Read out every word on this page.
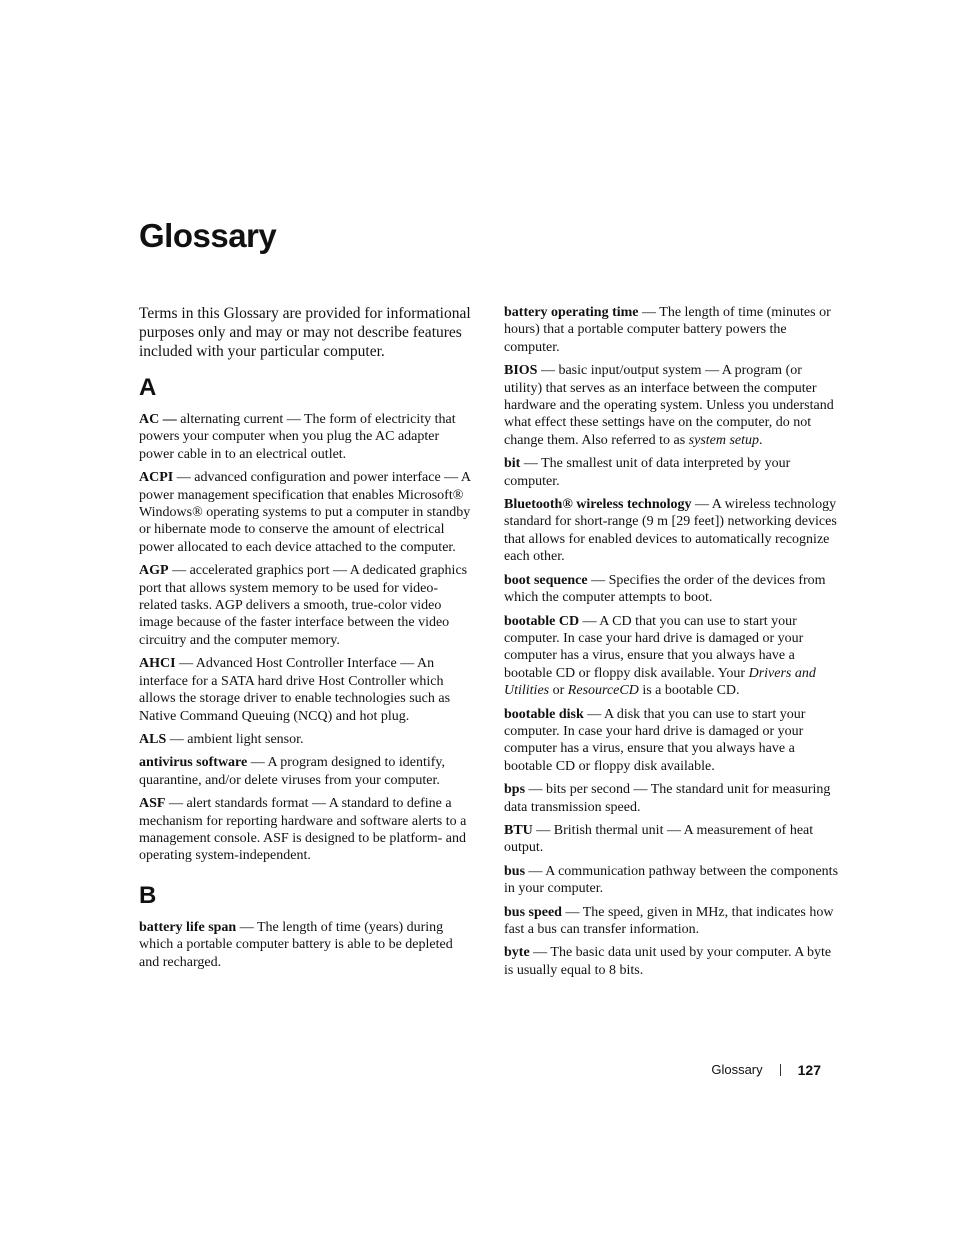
Glossary

Terms in this Glossary are provided for informational purposes only and may or may not describe features included with your particular computer.

A

AC — alternating current — The form of electricity that powers your computer when you plug the AC adapter power cable in to an electrical outlet.

ACPI — advanced configuration and power interface — A power management specification that enables Microsoft® Windows® operating systems to put a computer in standby or hibernate mode to conserve the amount of electrical power allocated to each device attached to the computer.

AGP — accelerated graphics port — A dedicated graphics port that allows system memory to be used for video-related tasks. AGP delivers a smooth, true-color video image because of the faster interface between the video circuitry and the computer memory.

AHCI — Advanced Host Controller Interface — An interface for a SATA hard drive Host Controller which allows the storage driver to enable technologies such as Native Command Queuing (NCQ) and hot plug.

ALS — ambient light sensor.

antivirus software — A program designed to identify, quarantine, and/or delete viruses from your computer.

ASF — alert standards format — A standard to define a mechanism for reporting hardware and software alerts to a management console. ASF is designed to be platform- and operating system-independent.

B

battery life span — The length of time (years) during which a portable computer battery is able to be depleted and recharged.

battery operating time — The length of time (minutes or hours) that a portable computer battery powers the computer.

BIOS — basic input/output system — A program (or utility) that serves as an interface between the computer hardware and the operating system. Unless you understand what effect these settings have on the computer, do not change them. Also referred to as system setup.

bit — The smallest unit of data interpreted by your computer.

Bluetooth® wireless technology — A wireless technology standard for short-range (9 m [29 feet]) networking devices that allows for enabled devices to automatically recognize each other.

boot sequence — Specifies the order of the devices from which the computer attempts to boot.

bootable CD — A CD that you can use to start your computer. In case your hard drive is damaged or your computer has a virus, ensure that you always have a bootable CD or floppy disk available. Your Drivers and Utilities or ResourceCD is a bootable CD.

bootable disk — A disk that you can use to start your computer. In case your hard drive is damaged or your computer has a virus, ensure that you always have a bootable CD or floppy disk available.

bps — bits per second — The standard unit for measuring data transmission speed.

BTU — British thermal unit — A measurement of heat output.

bus — A communication pathway between the components in your computer.

bus speed — The speed, given in MHz, that indicates how fast a bus can transfer information.

byte — The basic data unit used by your computer. A byte is usually equal to 8 bits.

Glossary	127
